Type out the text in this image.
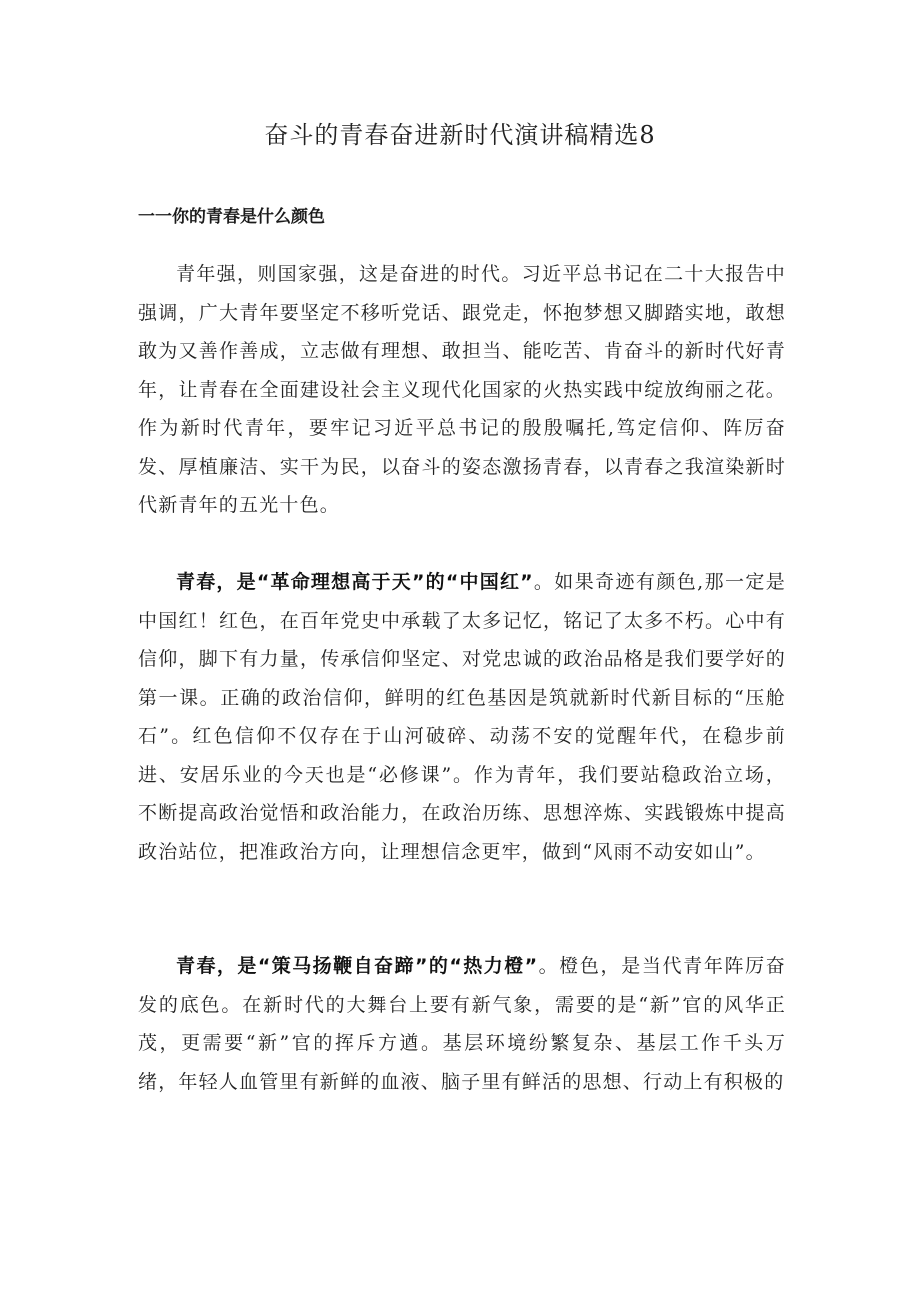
奋斗的青春奋进新时代演讲稿精选8
一一你的青春是什么颜色

青年强，则国家强，这是奋进的时代。习近平总书记在二十大报告中强调，广大青年要坚定不移听党话、跟党走，怀抱梦想又脚踏实地，敢想敢为又善作善成，立志做有理想、敢担当、能吃苦、肯奋斗的新时代好青年，让青春在全面建设社会主义现代化国家的火热实践中绽放绚丽之花。作为新时代青年，要牢记习近平总书记的殷殷嘱托,笃定信仰、阵厉奋发、厚植廉洁、实干为民，以奋斗的姿态激扬青春，以青春之我渲染新时代新青年的五光十色。

青春，是“革命理想高于天”的“中国红”。如果奇迹有颜色,那一定是中国红！红色，在百年党史中承载了太多记忆，铭记了太多不朽。心中有信仰，脚下有力量，传承信仰坚定、对党忠诚的政治品格是我们要学好的第一课。正确的政治信仰，鲜明的红色基因是筑就新时代新目标的“压舱石”。红色信仰不仅存在于山河破碎、动荡不安的觉醒年代，在稳步前进、安居乐业的今天也是“必修课”。作为青年，我们要站稳政治立场，不断提高政治觉悟和政治能力，在政治历练、思想淬炼、实践锻炼中提高政治站位，把准政治方向，让理想信念更牢，做到“风雨不动安如山”。

青春，是“策马扬鞭自奋蹄”的“热力橙”。橙色，是当代青年阵厉奋发的底色。在新时代的大舞台上要有新气象，需要的是“新”官的风华正茂，更需要“新”官的挥斥方遒。基层环境纷繁复杂、基层工作千头万绪，年轻人血管里有新鲜的血液、脑子里有鲜活的思想、行动上有积极的
